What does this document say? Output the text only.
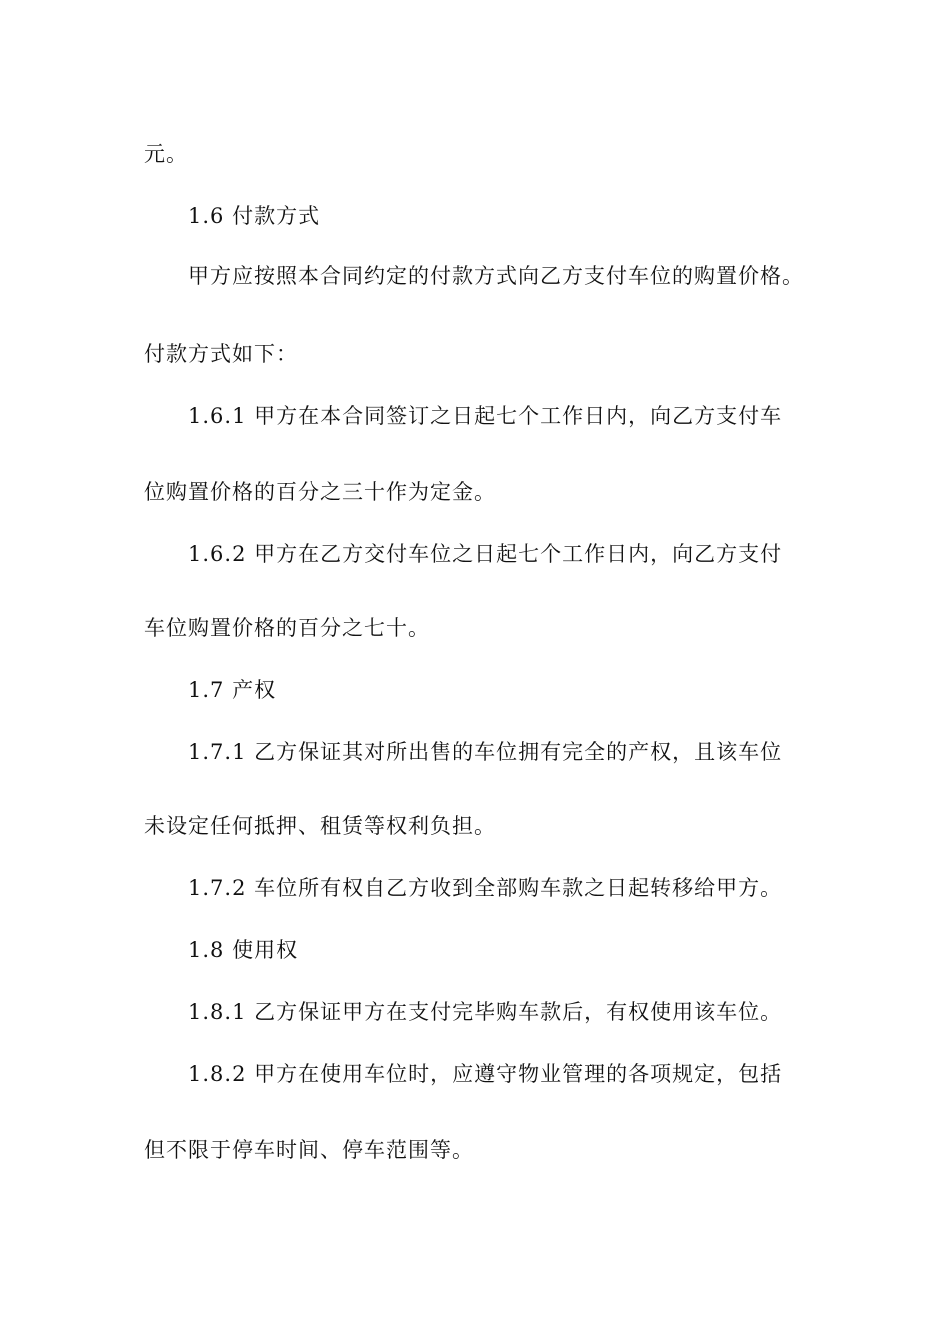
元。
1.6 付款方式
甲方应按照本合同约定的付款方式向乙方支付车位的购置价格。
付款方式如下：
1.6.1 甲方在本合同签订之日起七个工作日内，向乙方支付车
位购置价格的百分之三十作为定金。
1.6.2 甲方在乙方交付车位之日起七个工作日内，向乙方支付
车位购置价格的百分之七十。
1.7 产权
1.7.1 乙方保证其对所出售的车位拥有完全的产权，且该车位
未设定任何抵押、租赁等权利负担。
1.7.2 车位所有权自乙方收到全部购车款之日起转移给甲方。
1.8 使用权
1.8.1 乙方保证甲方在支付完毕购车款后，有权使用该车位。
1.8.2 甲方在使用车位时，应遵守物业管理的各项规定，包括
但不限于停车时间、停车范围等。
